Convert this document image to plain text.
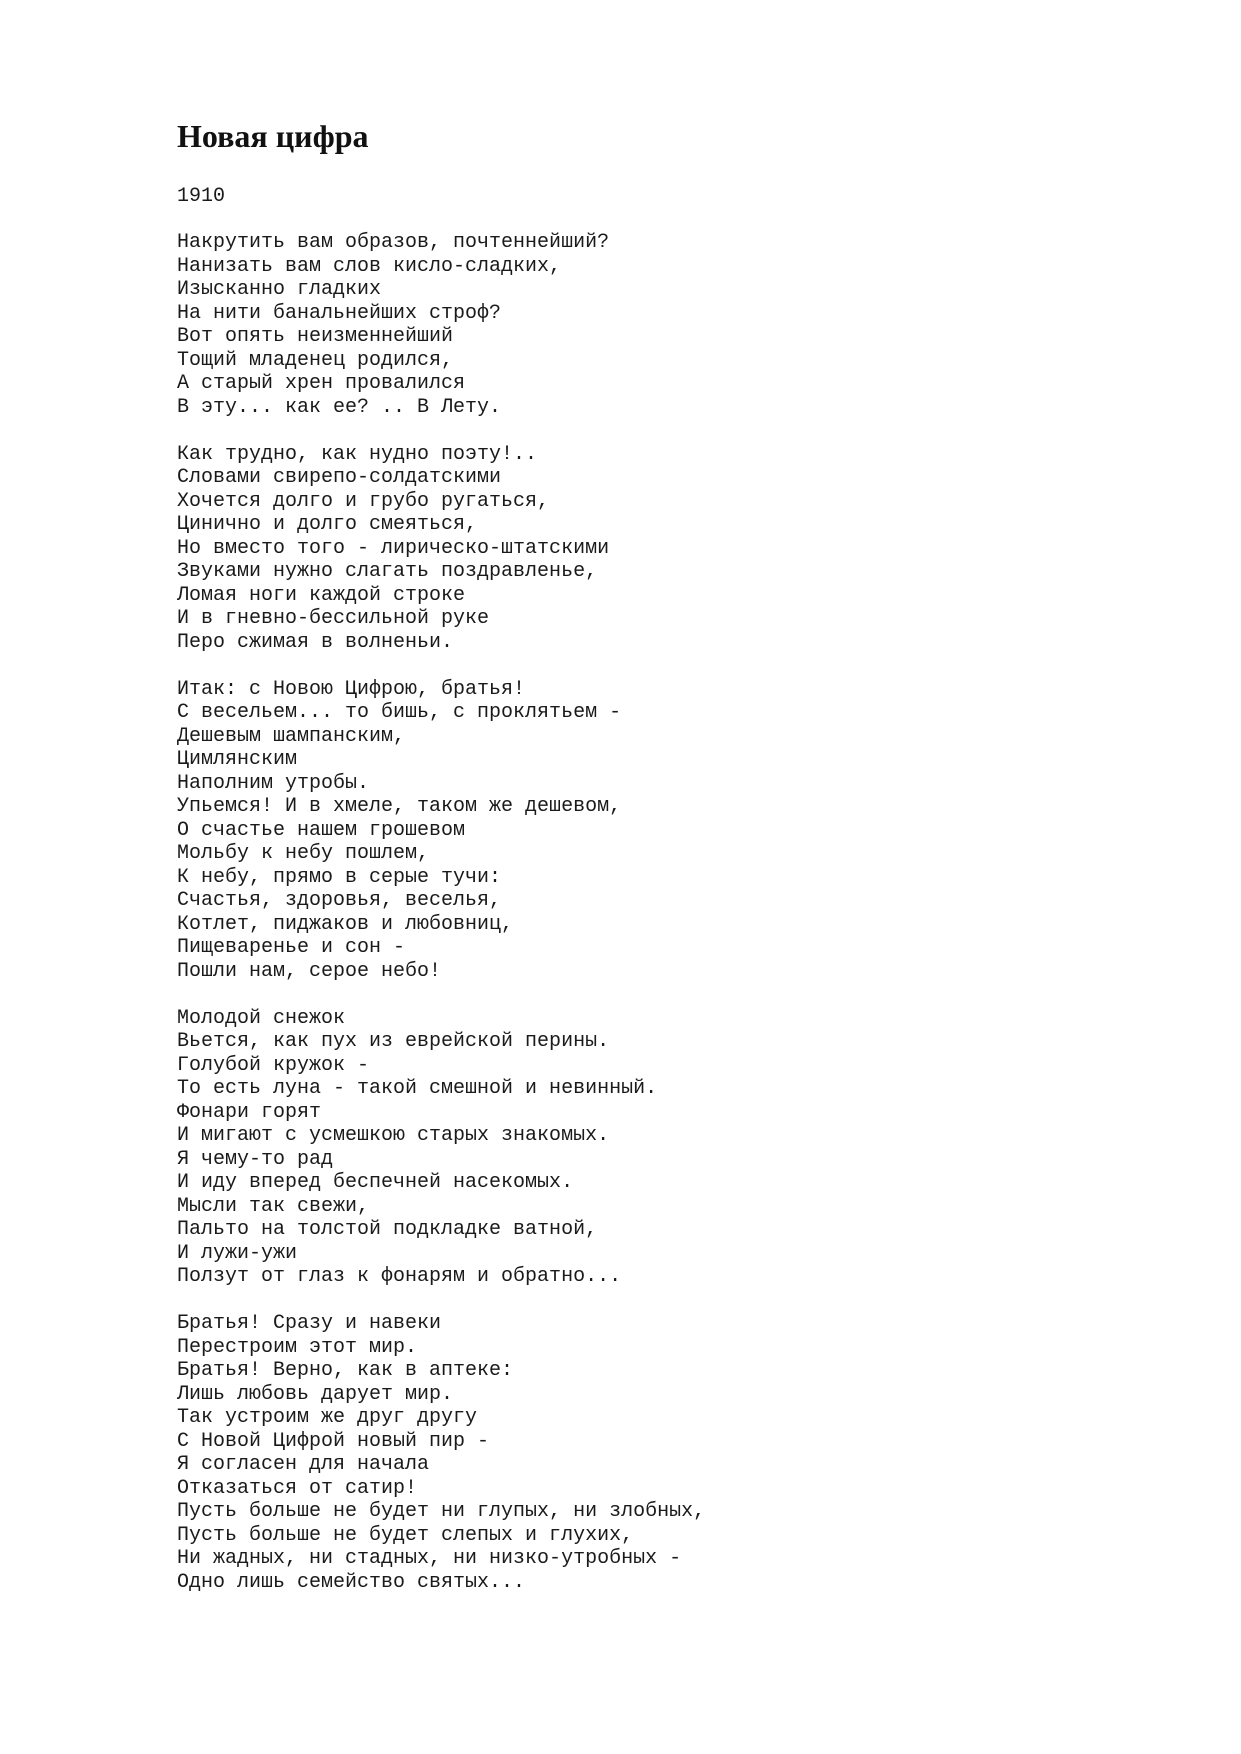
Новая цифра
1910
Накрутить вам образов, почтеннейший?
Нанизать вам слов кисло-сладких,
Изысканно гладких
На нити банальнейших строф?
Вот опять неизменнейший
Тощий младенец родился,
А старый хрен провалился
В эту... как ее? .. В Лету.
Как трудно, как нудно поэту!..
Словами свирепо-солдатскими
Хочется долго и грубо ругаться,
Цинично и долго смеяться,
Но вместо того - лирическо-штатскими
Звуками нужно слагать поздравленье,
Ломая ноги каждой строке
И в гневно-бессильной руке
Перо сжимая в волненьи.
Итак: с Новою Цифрою, братья!
С весельем... то бишь, с проклятьем -
Дешевым шампанским,
Цимлянским
Наполним утробы.
Упьемся! И в хмеле, таком же дешевом,
О счастье нашем грошевом
Мольбу к небу пошлем,
К небу, прямо в серые тучи:
Счастья, здоровья, веселья,
Котлет, пиджаков и любовниц,
Пищеваренье и сон -
Пошли нам, серое небо!
Молодой снежок
Вьется, как пух из еврейской перины.
Голубой кружок -
То есть луна - такой смешной и невинный.
Фонари горят
И мигают с усмешкою старых знакомых.
Я чему-то рад
И иду вперед беспечней насекомых.
Мысли так свежи,
Пальто на толстой подкладке ватной,
И лужи-ужи
Ползут от глаз к фонарям и обратно...
Братья! Сразу и навеки
Перестроим этот мир.
Братья! Верно, как в аптеке:
Лишь любовь дарует мир.
Так устроим же друг другу
С Новой Цифрой новый пир -
Я согласен для начала
Отказаться от сатир!
Пусть больше не будет ни глупых, ни злобных,
Пусть больше не будет слепых и глухих,
Ни жадных, ни стадных, ни низко-утробных -
Одно лишь семейство святых...
